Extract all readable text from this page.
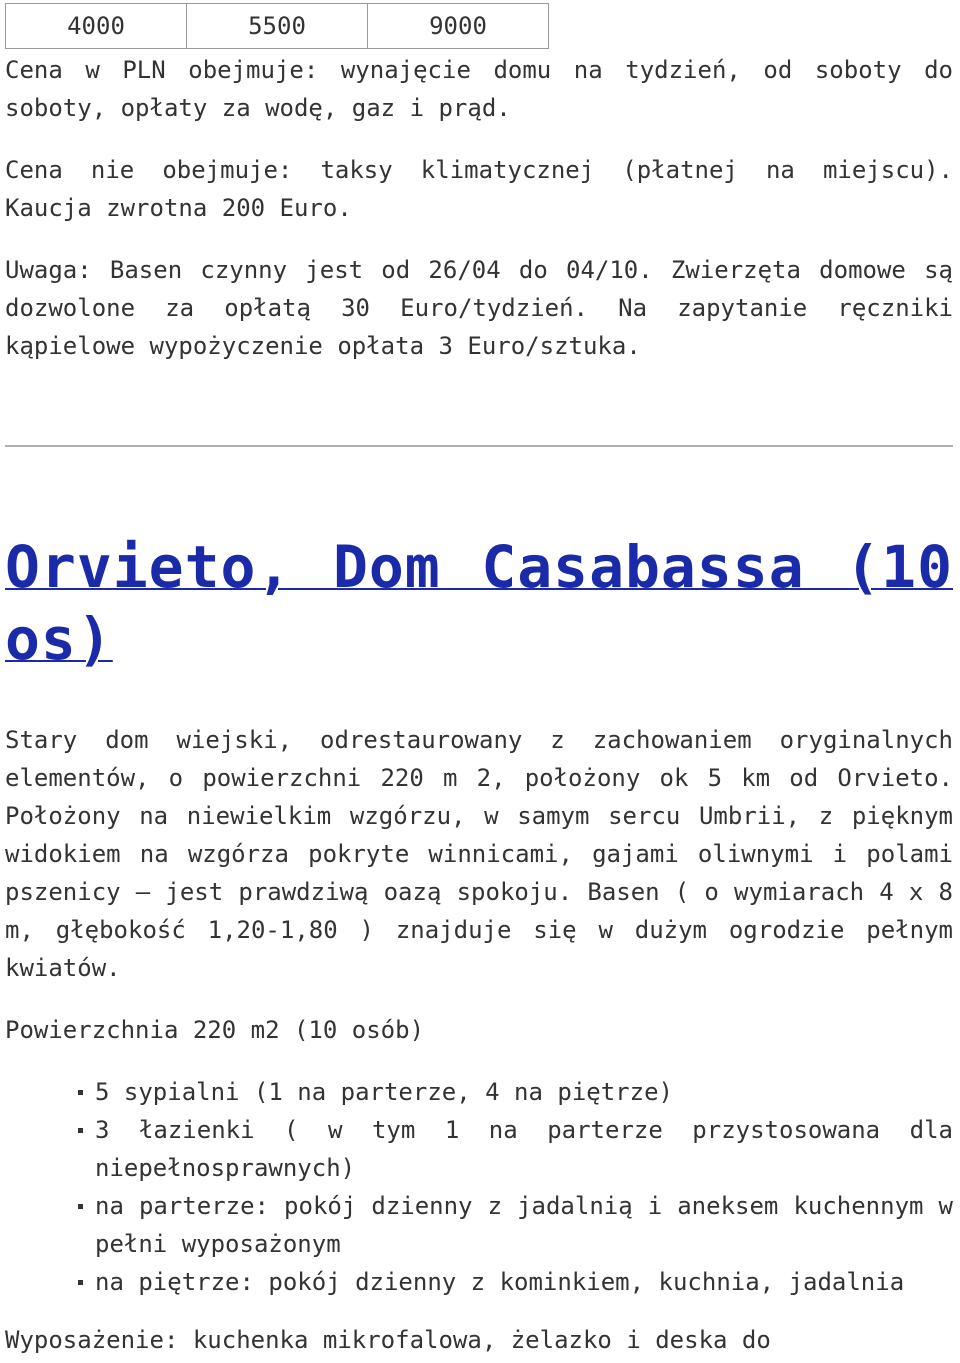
4000	5500	9000

Cena w PLN obejmuje: wynajęcie domu na tydzień, od soboty do soboty, opłaty za wodę, gaz i prąd.

Cena nie obejmuje: taksy klimatycznej (płatnej na miejscu). Kaucja zwrotna 200 Euro.

Uwaga: Basen czynny jest od 26/04 do 04/10. Zwierzęta domowe są dozwolone za opłatą 30 Euro/tydzień. Na zapytanie ręczniki kąpielowe wypożyczenie opłata 3 Euro/sztuka.

Orvieto, Dom Casabassa (10 os)

Stary dom wiejski, odrestaurowany z zachowaniem oryginalnych elementów, o powierzchni 220 m 2, położony ok 5 km od Orvieto. Położony na niewielkim wzgórzu, w samym sercu Umbrii, z pięknym widokiem na wzgórza pokryte winnicami, gajami oliwnymi i polami pszenicy – jest prawdziwą oazą spokoju. Basen ( o wymiarach 4 x 8 m, głębokość 1,20-1,80 ) znajduje się w dużym ogrodzie pełnym kwiatów.

Powierzchnia 220 m2 (10 osób)

5 sypialni (1 na parterze, 4 na piętrze)
3 łazienki ( w tym 1 na parterze przystosowana dla niepełnosprawnych)
na parterze: pokój dzienny z jadalnią i aneksem kuchennym w pełni wyposażonym
na piętrze: pokój dzienny z kominkiem, kuchnia, jadalnia

Wyposażenie: kuchenka mikrofalowa, żelazko i deska do
